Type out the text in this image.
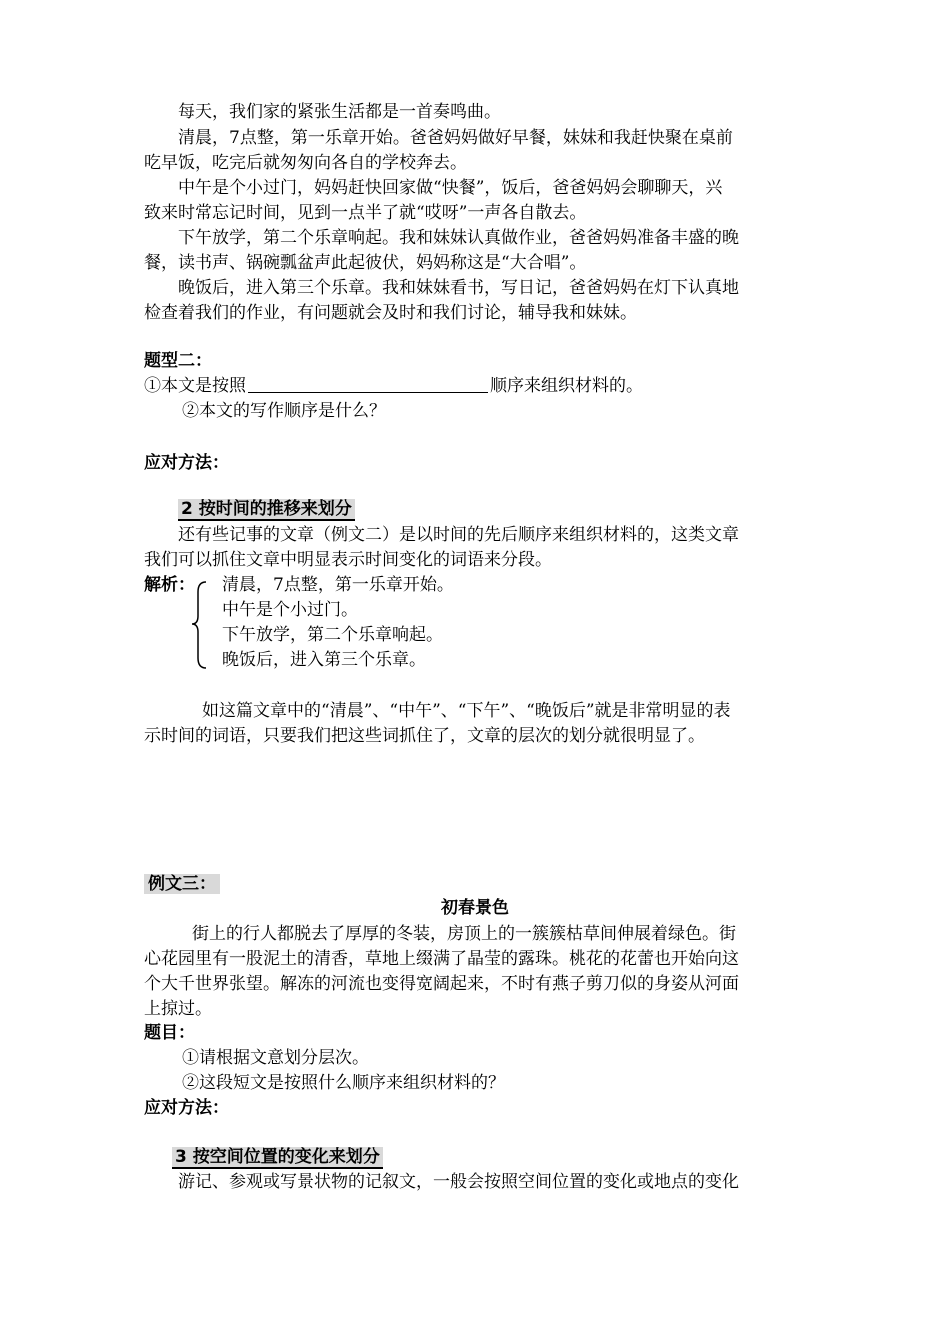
每天，我们家的紧张生活都是一首奏鸣曲。
清晨，7点整，第一乐章开始。爸爸妈妈做好早餐，妹妹和我赶快聚在桌前
吃早饭，吃完后就匆匆向各自的学校奔去。
中午是个小过门，妈妈赶快回家做“快餐”，饭后，爸爸妈妈会聊聊天，兴
致来时常忘记时间，见到一点半了就“哎呀”一声各自散去。
下午放学，第二个乐章响起。我和妹妹认真做作业，爸爸妈妈准备丰盛的晚
餐，读书声、锅碗瓢盆声此起彼伏，妈妈称这是“大合唱”。
晚饭后，进入第三个乐章。我和妹妹看书，写日记，爸爸妈妈在灯下认真地
检查着我们的作业，有问题就会及时和我们讨论，辅导我和妹妹。
题型二：
①本文是按照	顺序来组织材料的。
②本文的写作顺序是什么？
应对方法：
2 按时间的推移来划分
还有些记事的文章（例文二）是以时间的先后顺序来组织材料的，这类文章
我们可以抓住文章中明显表示时间变化的词语来分段。
解析： 清晨，7点整，第一乐章开始。
中午是个小过门。
下午放学，第二个乐章响起。
晚饭后，进入第三个乐章。
如这篇文章中的“清晨”、“中午”、“下午”、“晚饭后”就是非常明显的表
示时间的词语，只要我们把这些词抓住了，文章的层次的划分就很明显了。
例文三：
初春景色
街上的行人都脱去了厚厚的冬装，房顶上的一簇簇枯草间伸展着绿色。街
心花园里有一股泥土的清香，草地上缀满了晶莹的露珠。桃花的花蕾也开始向这
个大千世界张望。解冻的河流也变得宽阔起来，不时有燕子剪刀似的身姿从河面
上掠过。
题目：
①请根据文意划分层次。
②这段短文是按照什么顺序来组织材料的？
应对方法：
3 按空间位置的变化来划分
游记、参观或写景状物的记叙文，一般会按照空间位置的变化或地点的变化
